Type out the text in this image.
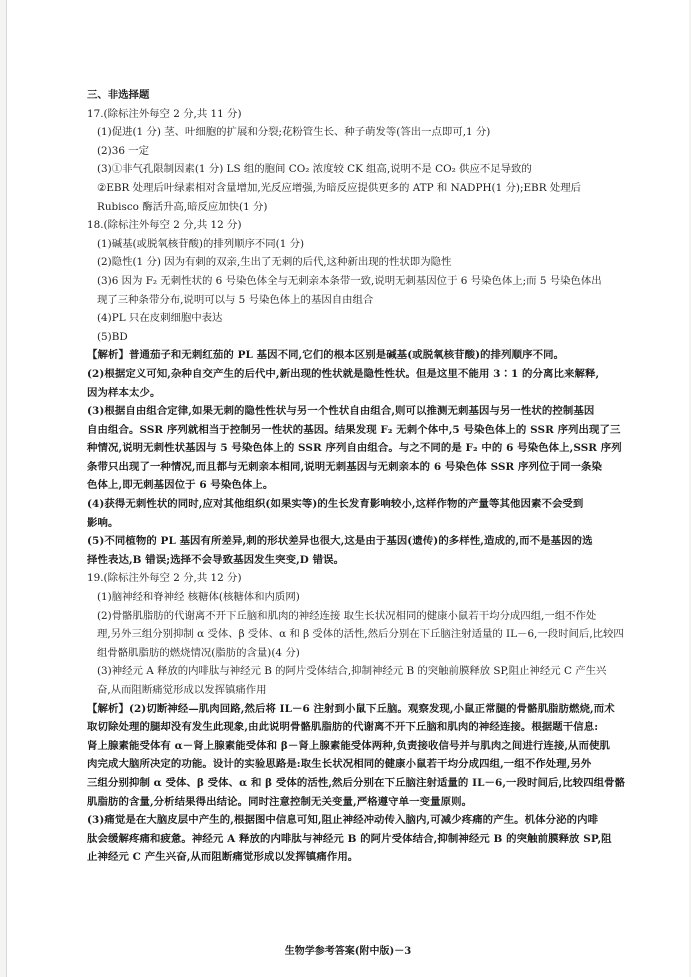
三、非选择题
17.(除标注外每空 2 分,共 11 分)
(1)促进(1 分) 茎、叶细胞的扩展和分裂;花粉管生长、种子萌发等(答出一点即可,1 分)
(2)36 一定
(3)①非气孔限制因素(1 分) LS 组的胞间 CO₂ 浓度较 CK 组高,说明不是 CO₂ 供应不足导致的
②EBR 处理后叶绿素相对含量增加,光反应增强,为暗反应提供更多的 ATP 和 NADPH(1 分);EBR 处理后
Rubisco 酶活升高,暗反应加快(1 分)
18.(除标注外每空 2 分,共 12 分)
(1)碱基(或脱氧核苷酸)的排列顺序不同(1 分)
(2)隐性(1 分) 因为有刺的双亲,生出了无刺的后代,这种新出现的性状即为隐性
(3)6 因为 F₂ 无刺性状的 6 号染色体全与无刺亲本条带一致,说明无刺基因位于 6 号染色体上;而 5 号染色体出
现了三种条带分布,说明可以与 5 号染色体上的基因自由组合
(4)PL 只在皮刺细胞中表达
(5)BD
【解析】普通茄子和无刺红茄的 PL 基因不同,它们的根本区别是碱基(或脱氧核苷酸)的排列顺序不同。
(2)根据定义可知,杂种自交产生的后代中,新出现的性状就是隐性性状。但是这里不能用 3∶1 的分离比来解释,
因为样本太少。
(3)根据自由组合定律,如果无刺的隐性性状与另一个性状自由组合,则可以推测无刺基因与另一性状的控制基因
自由组合。SSR 序列就相当于控制另一性状的基因。结果发现 F₂ 无刺个体中,5 号染色体上的 SSR 序列出现了三
种情况,说明无刺性状基因与 5 号染色体上的 SSR 序列自由组合。与之不同的是 F₂ 中的 6 号染色体上,SSR 序列
条带只出现了一种情况,而且都与无刺亲本相同,说明无刺基因与无刺亲本的 6 号染色体 SSR 序列位于同一条染
色体上,即无刺基因位于 6 号染色体上。
(4)获得无刺性状的同时,应对其他组织(如果实等)的生长发育影响较小,这样作物的产量等其他因素不会受到
影响。
(5)不同植物的 PL 基因有所差异,刺的形状差异也很大,这是由于基因(遗传)的多样性,造成的,而不是基因的选
择性表达,B 错误;选择不会导致基因发生突变,D 错误。
19.(除标注外每空 2 分,共 12 分)
(1)脑神经和脊神经 核糖体(核糖体和内质网)
(2)骨骼肌脂肪的代谢离不开下丘脑和肌肉的神经连接 取生长状况相同的健康小鼠若干均分成四组,一组不作处
理,另外三组分别抑制 α 受体、β 受体、α 和 β 受体的活性,然后分别在下丘脑注射适量的 IL－6,一段时间后,比较四
组骨骼肌脂肪的燃烧情况(脂肪的含量)(4 分)
(3)神经元 A 释放的内啡肽与神经元 B 的阿片受体结合,抑制神经元 B 的突触前膜释放 SP,阻止神经元 C 产生兴
奋,从而阻断痛觉形成以发挥镇痛作用
【解析】(2)切断神经—肌肉回路,然后将 IL－6 注射到小鼠下丘脑。观察发现,小鼠正常腿的骨骼肌脂肪燃烧,而术
取切除处理的腿却没有发生此现象,由此说明骨骼肌脂肪的代谢离不开下丘脑和肌肉的神经连接。根据题干信息:
肾上腺素能受体有 α－肾上腺素能受体和 β－肾上腺素能受体两种,负责接收信号并与肌肉之间进行连接,从而使肌
肉完成大脑所决定的功能。设计的实验思路是:取生长状况相同的健康小鼠若干均分成四组,一组不作处理,另外
三组分别抑制 α 受体、β 受体、α 和 β 受体的活性,然后分别在下丘脑注射适量的 IL－6,一段时间后,比较四组骨骼
肌脂肪的含量,分析结果得出结论。同时注意控制无关变量,严格遵守单一变量原则。
(3)痛觉是在大脑皮层中产生的,根据图中信息可知,阻止神经冲动传入脑内,可减少疼痛的产生。机体分泌的内啡
肽会缓解疼痛和疲惫。神经元 A 释放的内啡肽与神经元 B 的阿片受体结合,抑制神经元 B 的突触前膜释放 SP,阻
止神经元 C 产生兴奋,从而阻断痛觉形成以发挥镇痛作用。
生物学参考答案(附中版)－3
